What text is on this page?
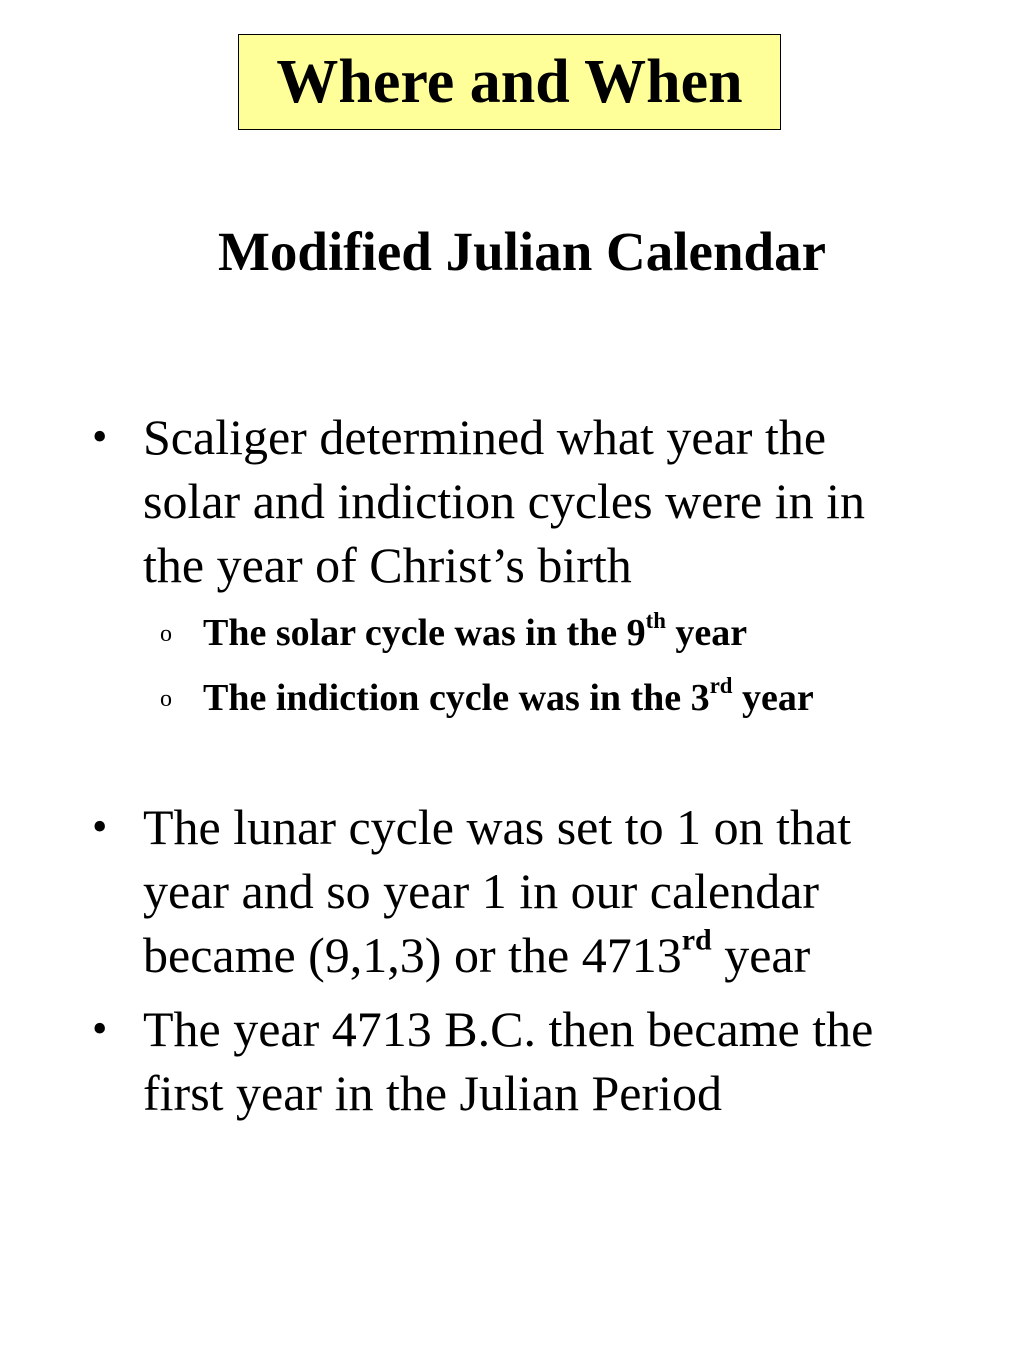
Where and When
Modified Julian Calendar
• Scaliger determined what year the solar and indiction cycles were in in the year of Christ’s birth
o The solar cycle was in the 9th year
o The indiction cycle was in the 3rd year
• The lunar cycle was set to 1 on that year and so year 1 in our calendar became (9,1,3) or the 4713rd year
• The year 4713 B.C. then became the first year in the Julian Period
